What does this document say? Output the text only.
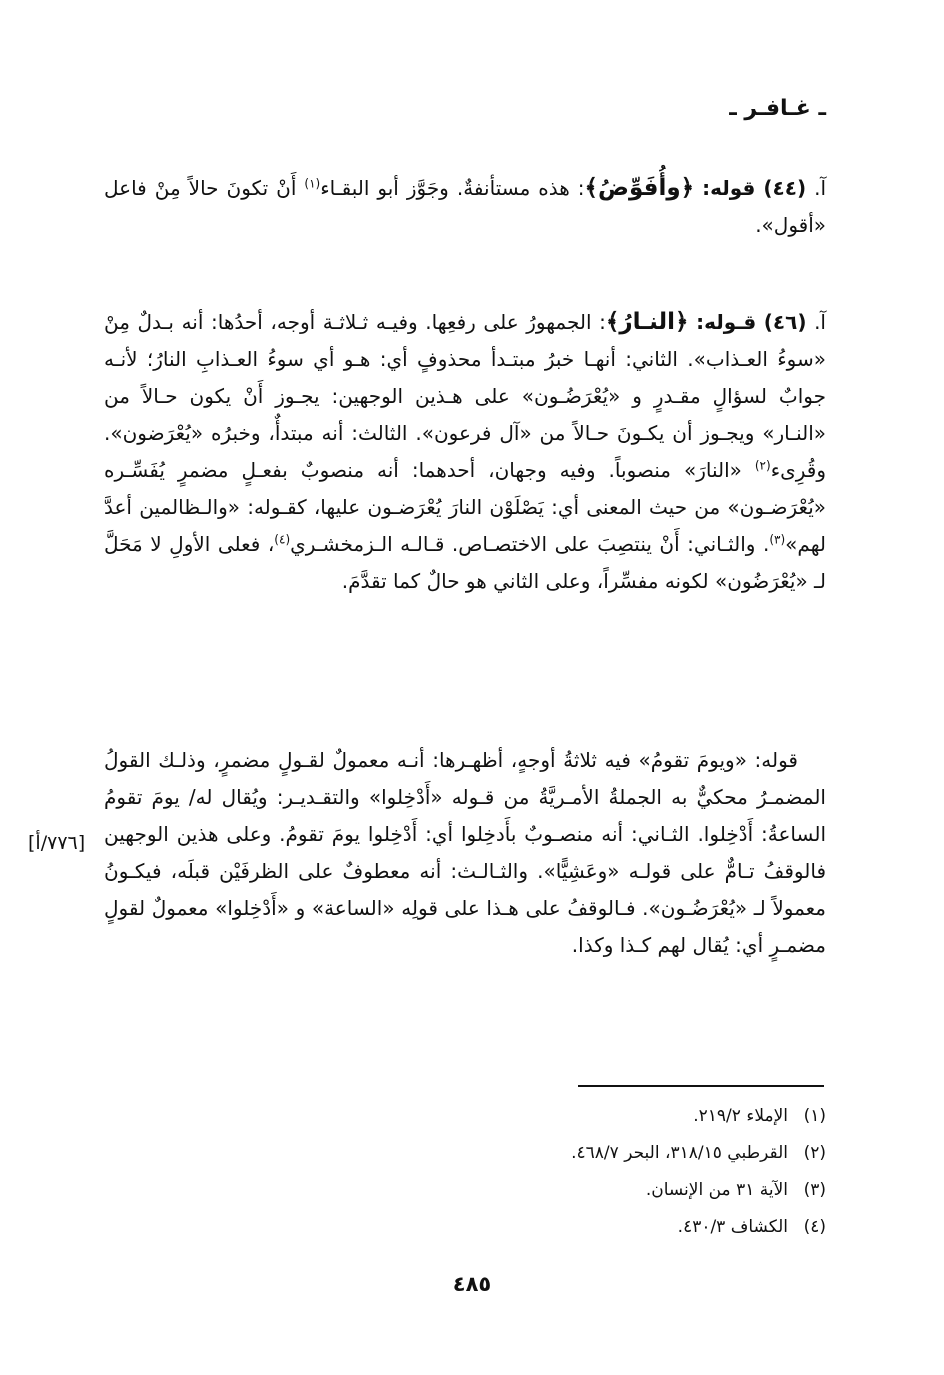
ـ غـافـر ـ

آ. (٤٤) قوله: ﴿وأُفَوِّضُ﴾: هذه مستأنفةٌ. وجَوَّز أبو البقـاء$^{(١)}$ أَنْ تكونَ حالاً مِنْ فاعل «أقول».

آ. (٤٦) قـوله: ﴿النـارُ﴾: الجمهورُ على رفعِها. وفيـه ثـلاثـة أوجه، أحدُها: أنه بـدلٌ مِنْ «سوءُ العـذاب». الثاني: أنهـا خبرُ مبتـدأ محذوفٍ أي: هـو أي سوءُ العـذابِ النارُ؛ لأنـه جوابٌ لسؤالٍ مقـدرٍ و «يُعْرَضُـون» على هـذين الوجهين: يجـوز أَنْ يكون حـالاً من «النـار» ويجـوز أن يكـونَ حـالاً من «آل فرعون». الثالث: أنه مبتدأٌ، وخبرُه «يُعْرَضون». وقُرِىء$^{(٢)}$ «النارَ» منصوباً. وفيه وجهان، أحدهما: أنه منصوبٌ بفعـلٍ مضمرٍ يُفَسِّـره «يُعْرَضـون» من حيث المعنى أي: يَصْلَوْن النارَ يُعْرَضـون عليها، كقـوله: «والـظالمين أعدَّ لهم»$^{(٣)}$. والثـاني: أَنْ ينتصِبَ على الاختصـاص. قـالـه الـزمخشـري$^{(٤)}$، فعلى الأولِ لا مَحَلَّ لـ «يُعْرَضُون» لكونه مفسِّراً، وعلى الثاني هو حالٌ كما تقدَّمَ.

قوله: «ويومَ تقومُ» فيه ثلاثةُ أوجهٍ، أظهـرها: أنـه معمولٌ لقـولٍ مضمرٍ، وذلـك القولُ المضمـرُ محكيٌّ به الجملةُ الأمـريَّةُ من قـوله «أَدْخِلوا» والتقـديـر: ويُقال له/ يومَ تقومُ الساعةُ: أَدْخِلوا. الثـاني: أنه منصـوبٌ بأَدخِلوا أي: أَدْخِلوا يومَ تقومُ. وعلى هذين الوجهين فالوقفُ تـامٌّ على قولـه «وعَشِيًّا». والثـالـث: أنه معطوفٌ على الظرفَيْن قبلَه، فيكـونُ معمولاً لـ «يُعْرَضُـون». فـالوقفُ على هـذا على قولِه «الساعة» و «أَدْخِلوا» معمولٌ لقولٍ مضمـرٍ أي: يُقال لهم كـذا وكذا.

[٧٧٦/أ]
(١)الإملاء ٢١٩/٢.
(٢)القرطبي ٣١٨/١٥، البحر ٤٦٨/٧.
(٣)الآية ٣١ من الإنسان.
(٤)الكشاف ٤٣٠/٣.
٤٨٥
